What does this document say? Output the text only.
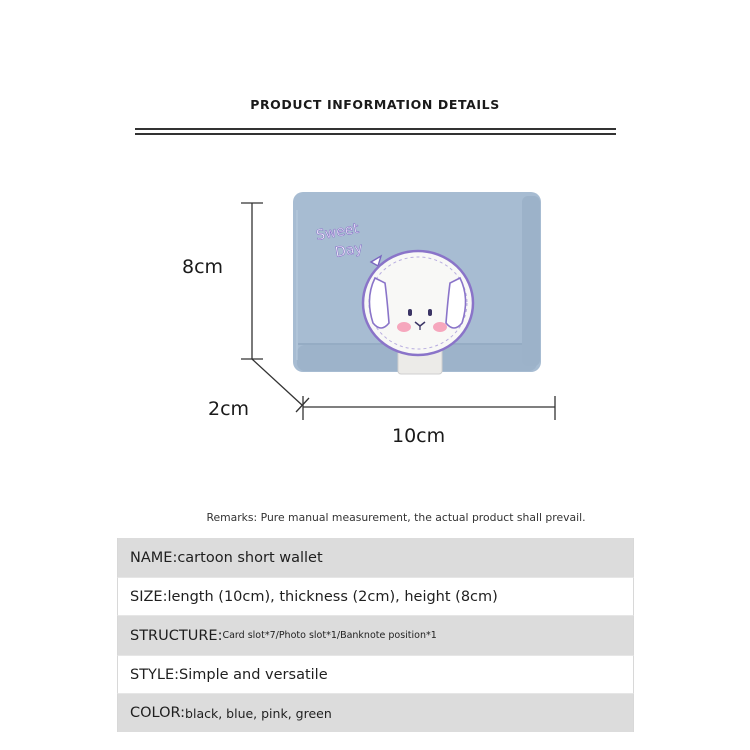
PRODUCT INFORMATION DETAILS
Sweet
Day
8cm
2cm
10cm
Remarks: Pure manual measurement, the actual product shall prevail.
NAME: cartoon short wallet
SIZE: length (10cm), thickness (2cm), height (8cm)
STRUCTURE: Card slot*7/Photo slot*1/Banknote position*1
STYLE: Simple and versatile
COLOR: black, blue, pink, green
